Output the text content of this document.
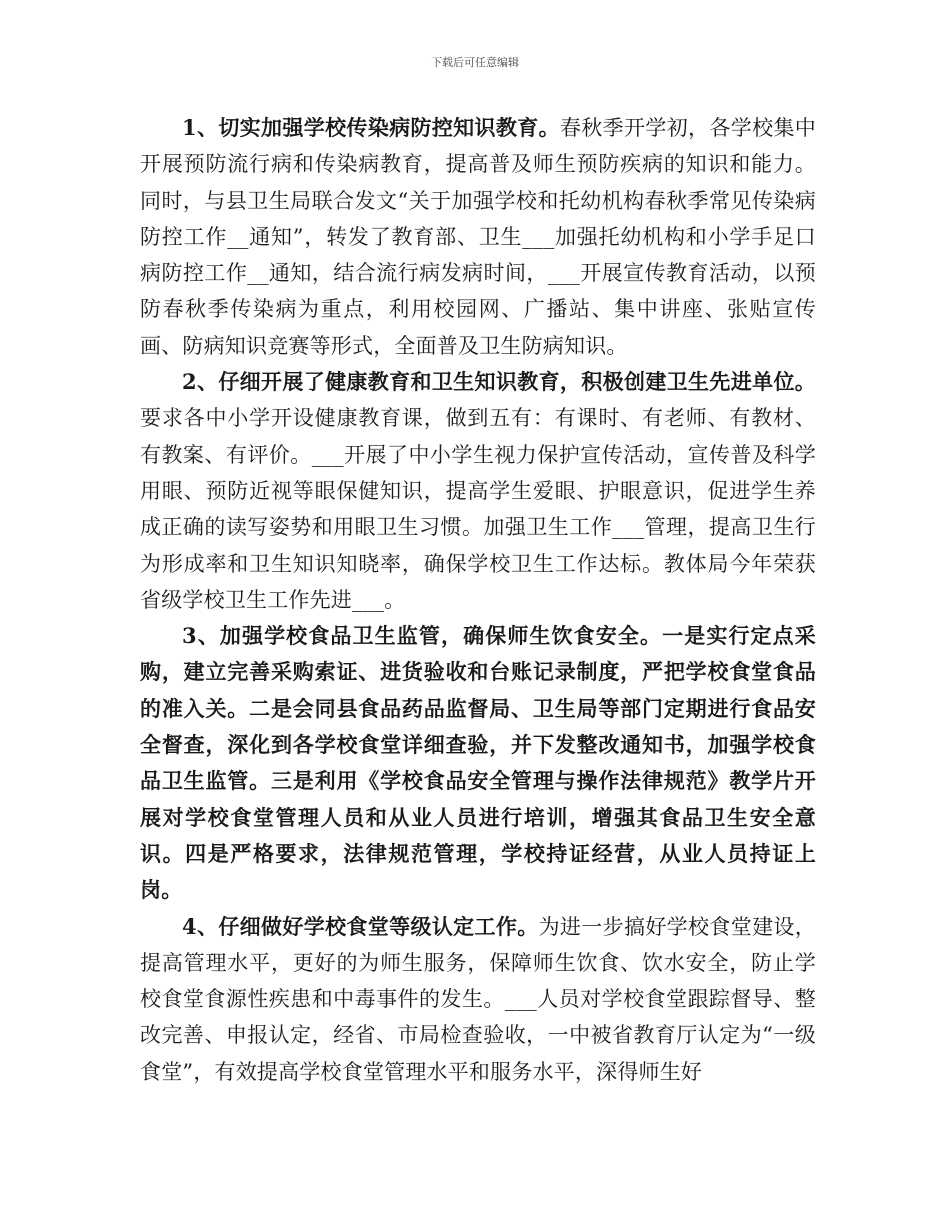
下载后可任意编辑

1、切实加强学校传染病防控知识教育。春秋季开学初，各学校集中开展预防流行病和传染病教育，提高普及师生预防疾病的知识和能力。同时，与县卫生局联合发文“关于加强学校和托幼机构春秋季常见传染病防控工作__通知”，转发了教育部、卫生___加强托幼机构和小学手足口病防控工作__通知，结合流行病发病时间，___开展宣传教育活动，以预防春秋季传染病为重点，利用校园网、广播站、集中讲座、张贴宣传画、防病知识竞赛等形式，全面普及卫生防病知识。

2、仔细开展了健康教育和卫生知识教育，积极创建卫生先进单位。要求各中小学开设健康教育课，做到五有：有课时、有老师、有教材、有教案、有评价。___开展了中小学生视力保护宣传活动，宣传普及科学用眼、预防近视等眼保健知识，提高学生爱眼、护眼意识，促进学生养成正确的读写姿势和用眼卫生习惯。加强卫生工作___管理，提高卫生行为形成率和卫生知识知晓率，确保学校卫生工作达标。教体局今年荣获省级学校卫生工作先进___。

3、加强学校食品卫生监管，确保师生饮食安全。一是实行定点采购，建立完善采购索证、进货验收和台账记录制度，严把学校食堂食品的准入关。二是会同县食品药品监督局、卫生局等部门定期进行食品安全督查，深化到各学校食堂详细查验，并下发整改通知书，加强学校食品卫生监管。三是利用《学校食品安全管理与操作法律规范》教学片开展对学校食堂管理人员和从业人员进行培训，增强其食品卫生安全意识。四是严格要求，法律规范管理，学校持证经营，从业人员持证上岗。

4、仔细做好学校食堂等级认定工作。为进一步搞好学校食堂建设，提高管理水平，更好的为师生服务，保障师生饮食、饮水安全，防止学校食堂食源性疾患和中毒事件的发生。___人员对学校食堂跟踪督导、整改完善、申报认定，经省、市局检查验收，一中被省教育厅认定为“一级食堂”，有效提高学校食堂管理水平和服务水平，深得师生好
